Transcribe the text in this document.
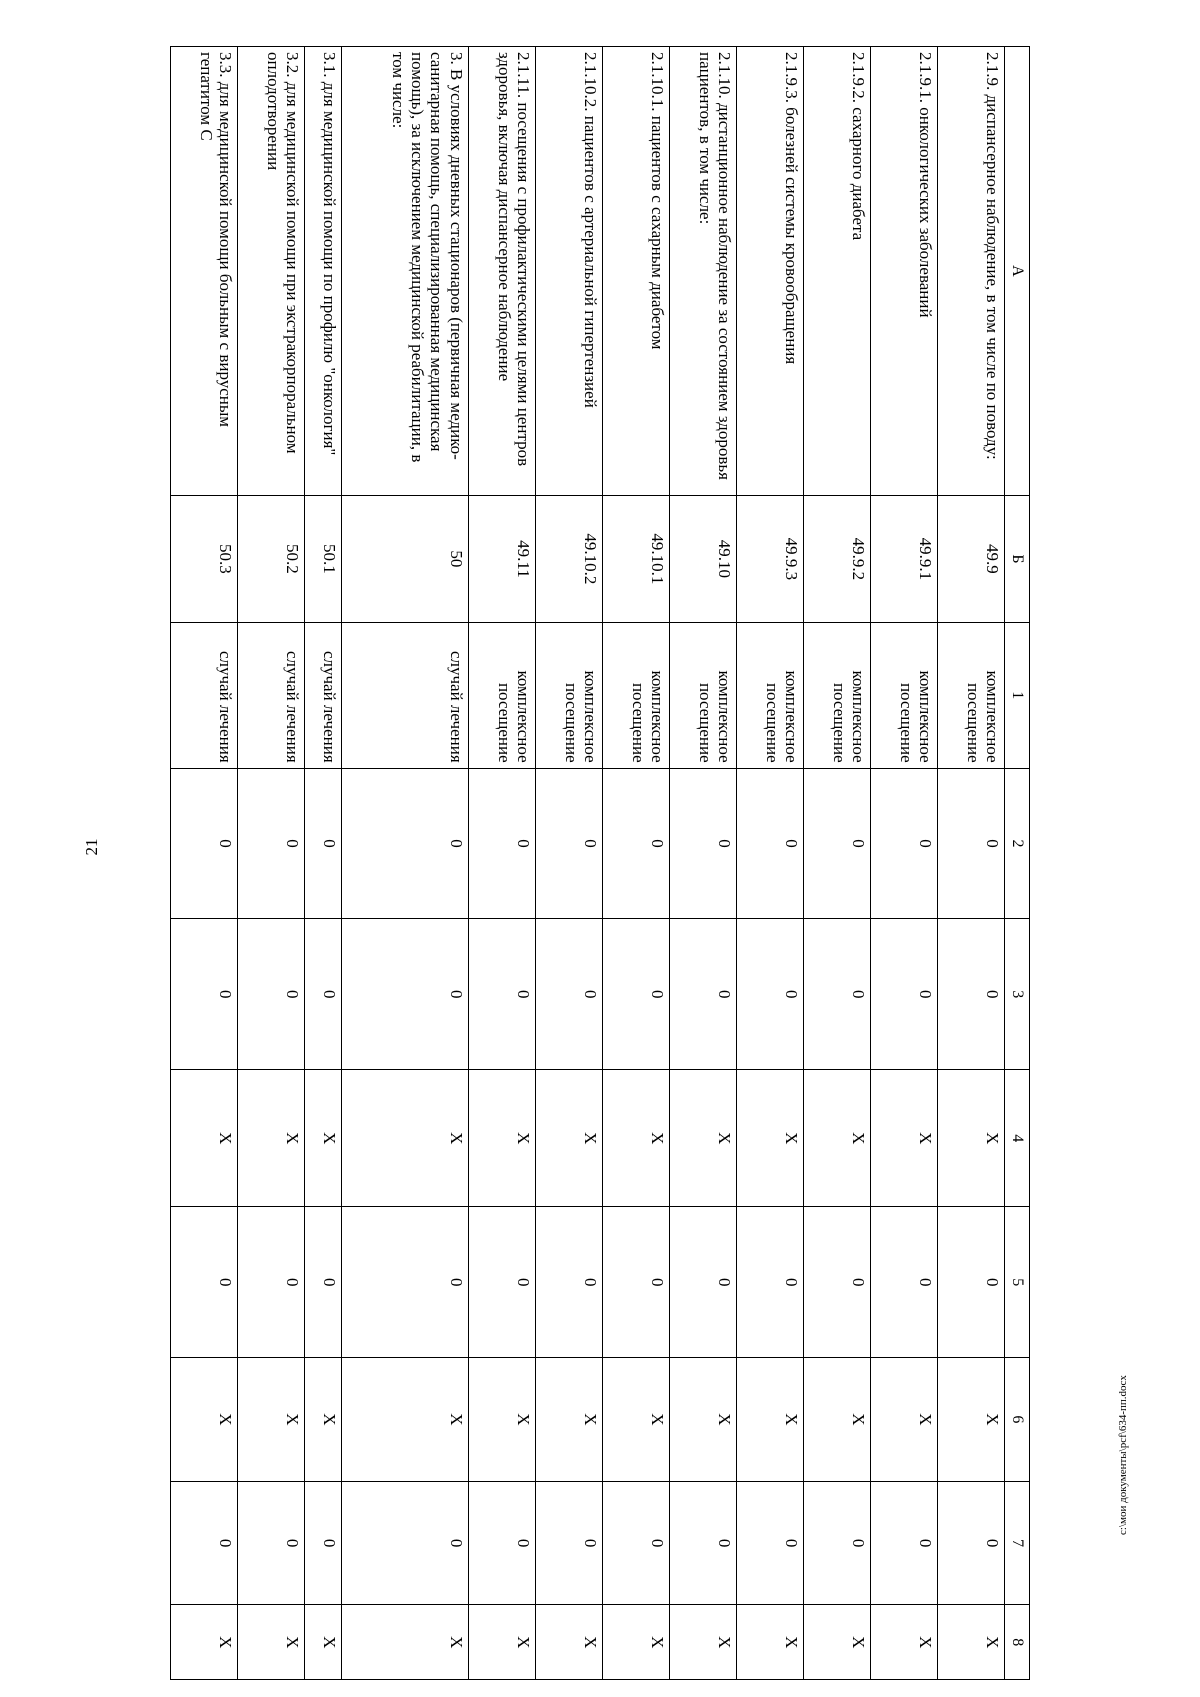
21
А	Б	1	2	3	4	5	6	7	8
2.1.9. диспансерное наблюдение, в том числе по поводу:	49.9	комплексное посещение	0	0	X	0	X	0	X
2.1.9.1. онкологических заболеваний	49.9.1	комплексное посещение	0	0	X	0	X	0	X
2.1.9.2. сахарного диабета	49.9.2	комплексное посещение	0	0	X	0	X	0	X
2.1.9.3. болезней системы кровообращения	49.9.3	комплексное посещение	0	0	X	0	X	0	X
2.1.10. дистанционное наблюдение за состоянием здоровья пациентов, в том числе:	49.10	комплексное посещение	0	0	X	0	X	0	X
2.1.10.1. пациентов с сахарным диабетом	49.10.1	комплексное посещение	0	0	X	0	X	0	X
2.1.10.2. пациентов с артериальной гипертензией	49.10.2	комплексное посещение	0	0	X	0	X	0	X
2.1.11. посещения с профилактическими целями центров здоровья, включая диспансерное наблюдение	49.11	комплексное посещение	0	0	X	0	X	0	X
3. В условиях дневных стационаров (первичная медико-санитарная помощь, специализированная медицинская помощь), за исключением медицинской реабилитации, в том числе:	50	случай лечения	0	0	X	0	X	0	X
3.1. для медицинской помощи по профилю "онкология"	50.1	случай лечения	0	0	X	0	X	0	X
3.2. для медицинской помощи при экстракорпоральном оплодотворении	50.2	случай лечения	0	0	X	0	X	0	X
3.3. для медицинской помощи больным с вирусным гепатитом С	50.3	случай лечения	0	0	X	0	X	0	X
c:\мои документы\pcf\634-пп.docx
